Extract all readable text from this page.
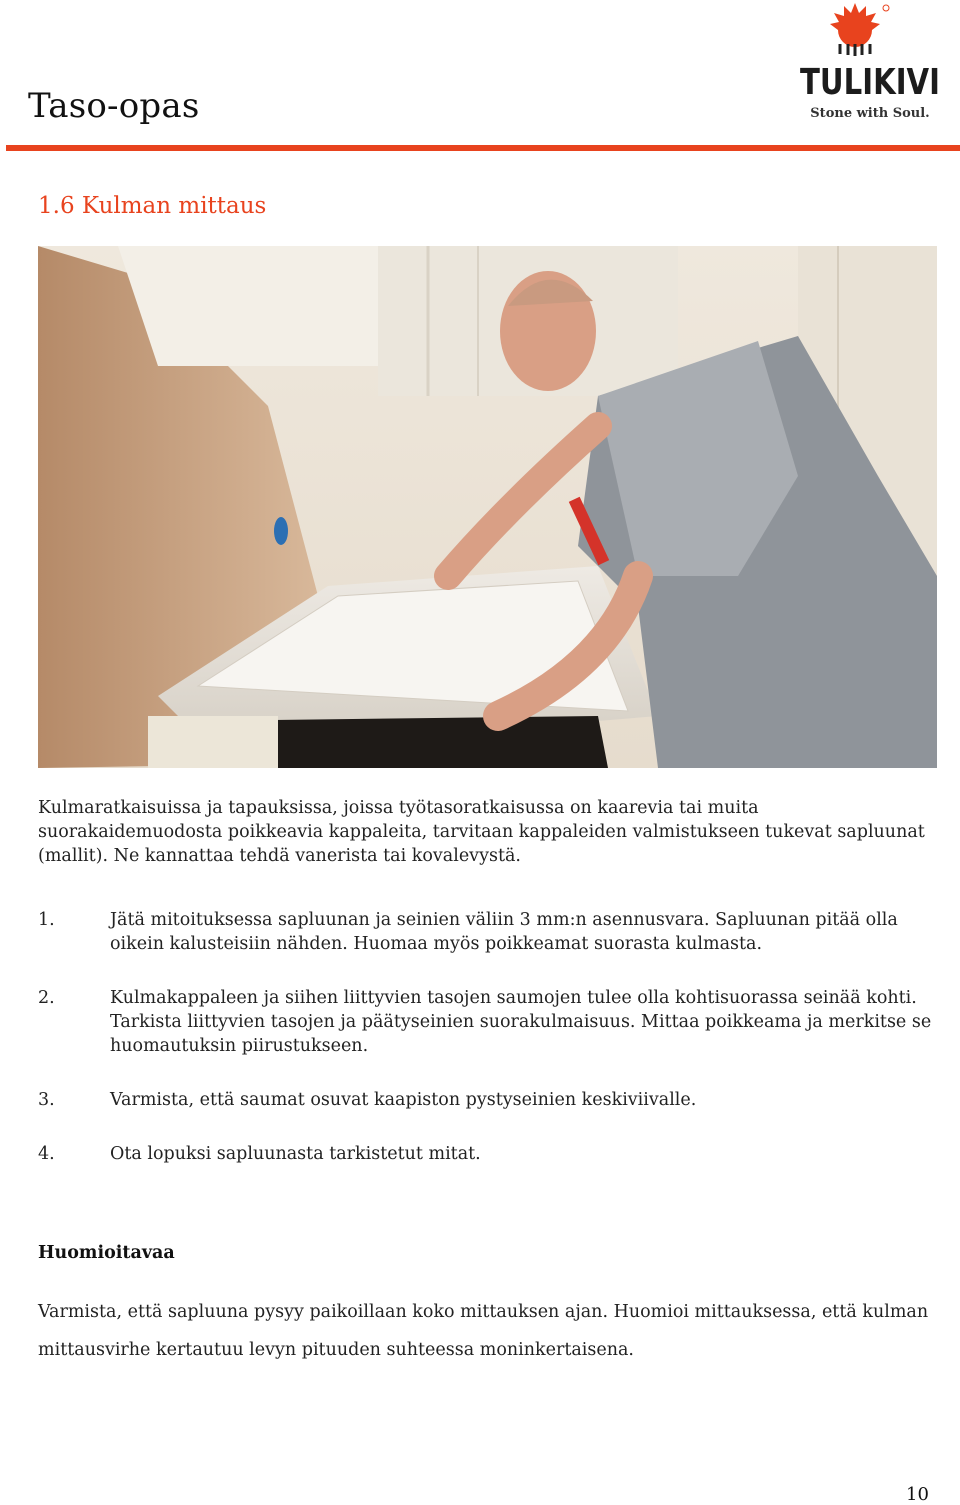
Taso-opas
TULIKIVI
Stone with Soul.
1.6 Kulman mittaus
Kulmaratkaisuissa ja tapauksissa, joissa työtasoratkaisussa on kaarevia tai muita suorakaidemuodosta poikkeavia kappaleita, tarvitaan kappaleiden valmistukseen tukevat sapluunat (mallit). Ne kannattaa tehdä vanerista tai kovalevystä.
1.	Jätä mitoituksessa sapluunan ja seinien väliin 3 mm:n asennusvara. Sapluunan pitää olla oikein kalusteisiin nähden. Huomaa myös poikkeamat suorasta kulmasta.
2.	Kulmakappaleen ja siihen liittyvien tasojen saumojen tulee olla kohtisuorassa seinää kohti. Tarkista liittyvien tasojen ja päätyseinien suorakulmaisuus. Mittaa poikkeama ja merkitse se huomautuksin piirustukseen.
3.	Varmista, että saumat osuvat kaapiston pystyseinien keskiviivalle.
4.	Ota lopuksi sapluunasta tarkistetut mitat.
Huomioitavaa
Varmista, että sapluuna pysyy paikoillaan koko mittauksen ajan. Huomioi mittauksessa, että kulman mittausvirhe kertautuu levyn pituuden suhteessa moninkertaisena.
10
